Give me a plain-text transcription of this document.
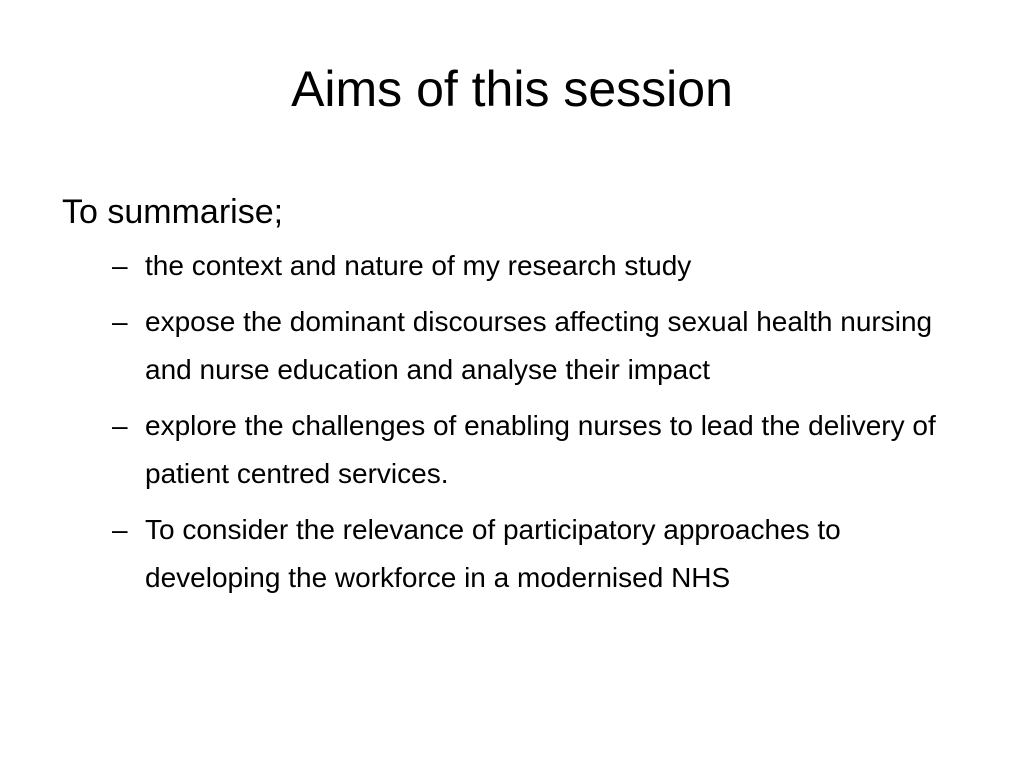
Aims of this session

To summarise;

– the context and nature of my research study
– expose the dominant discourses affecting sexual health nursing and nurse education and analyse their impact
– explore the challenges of enabling nurses to lead the delivery of patient centred services.
– To consider the relevance of participatory approaches to developing the workforce in a modernised NHS
